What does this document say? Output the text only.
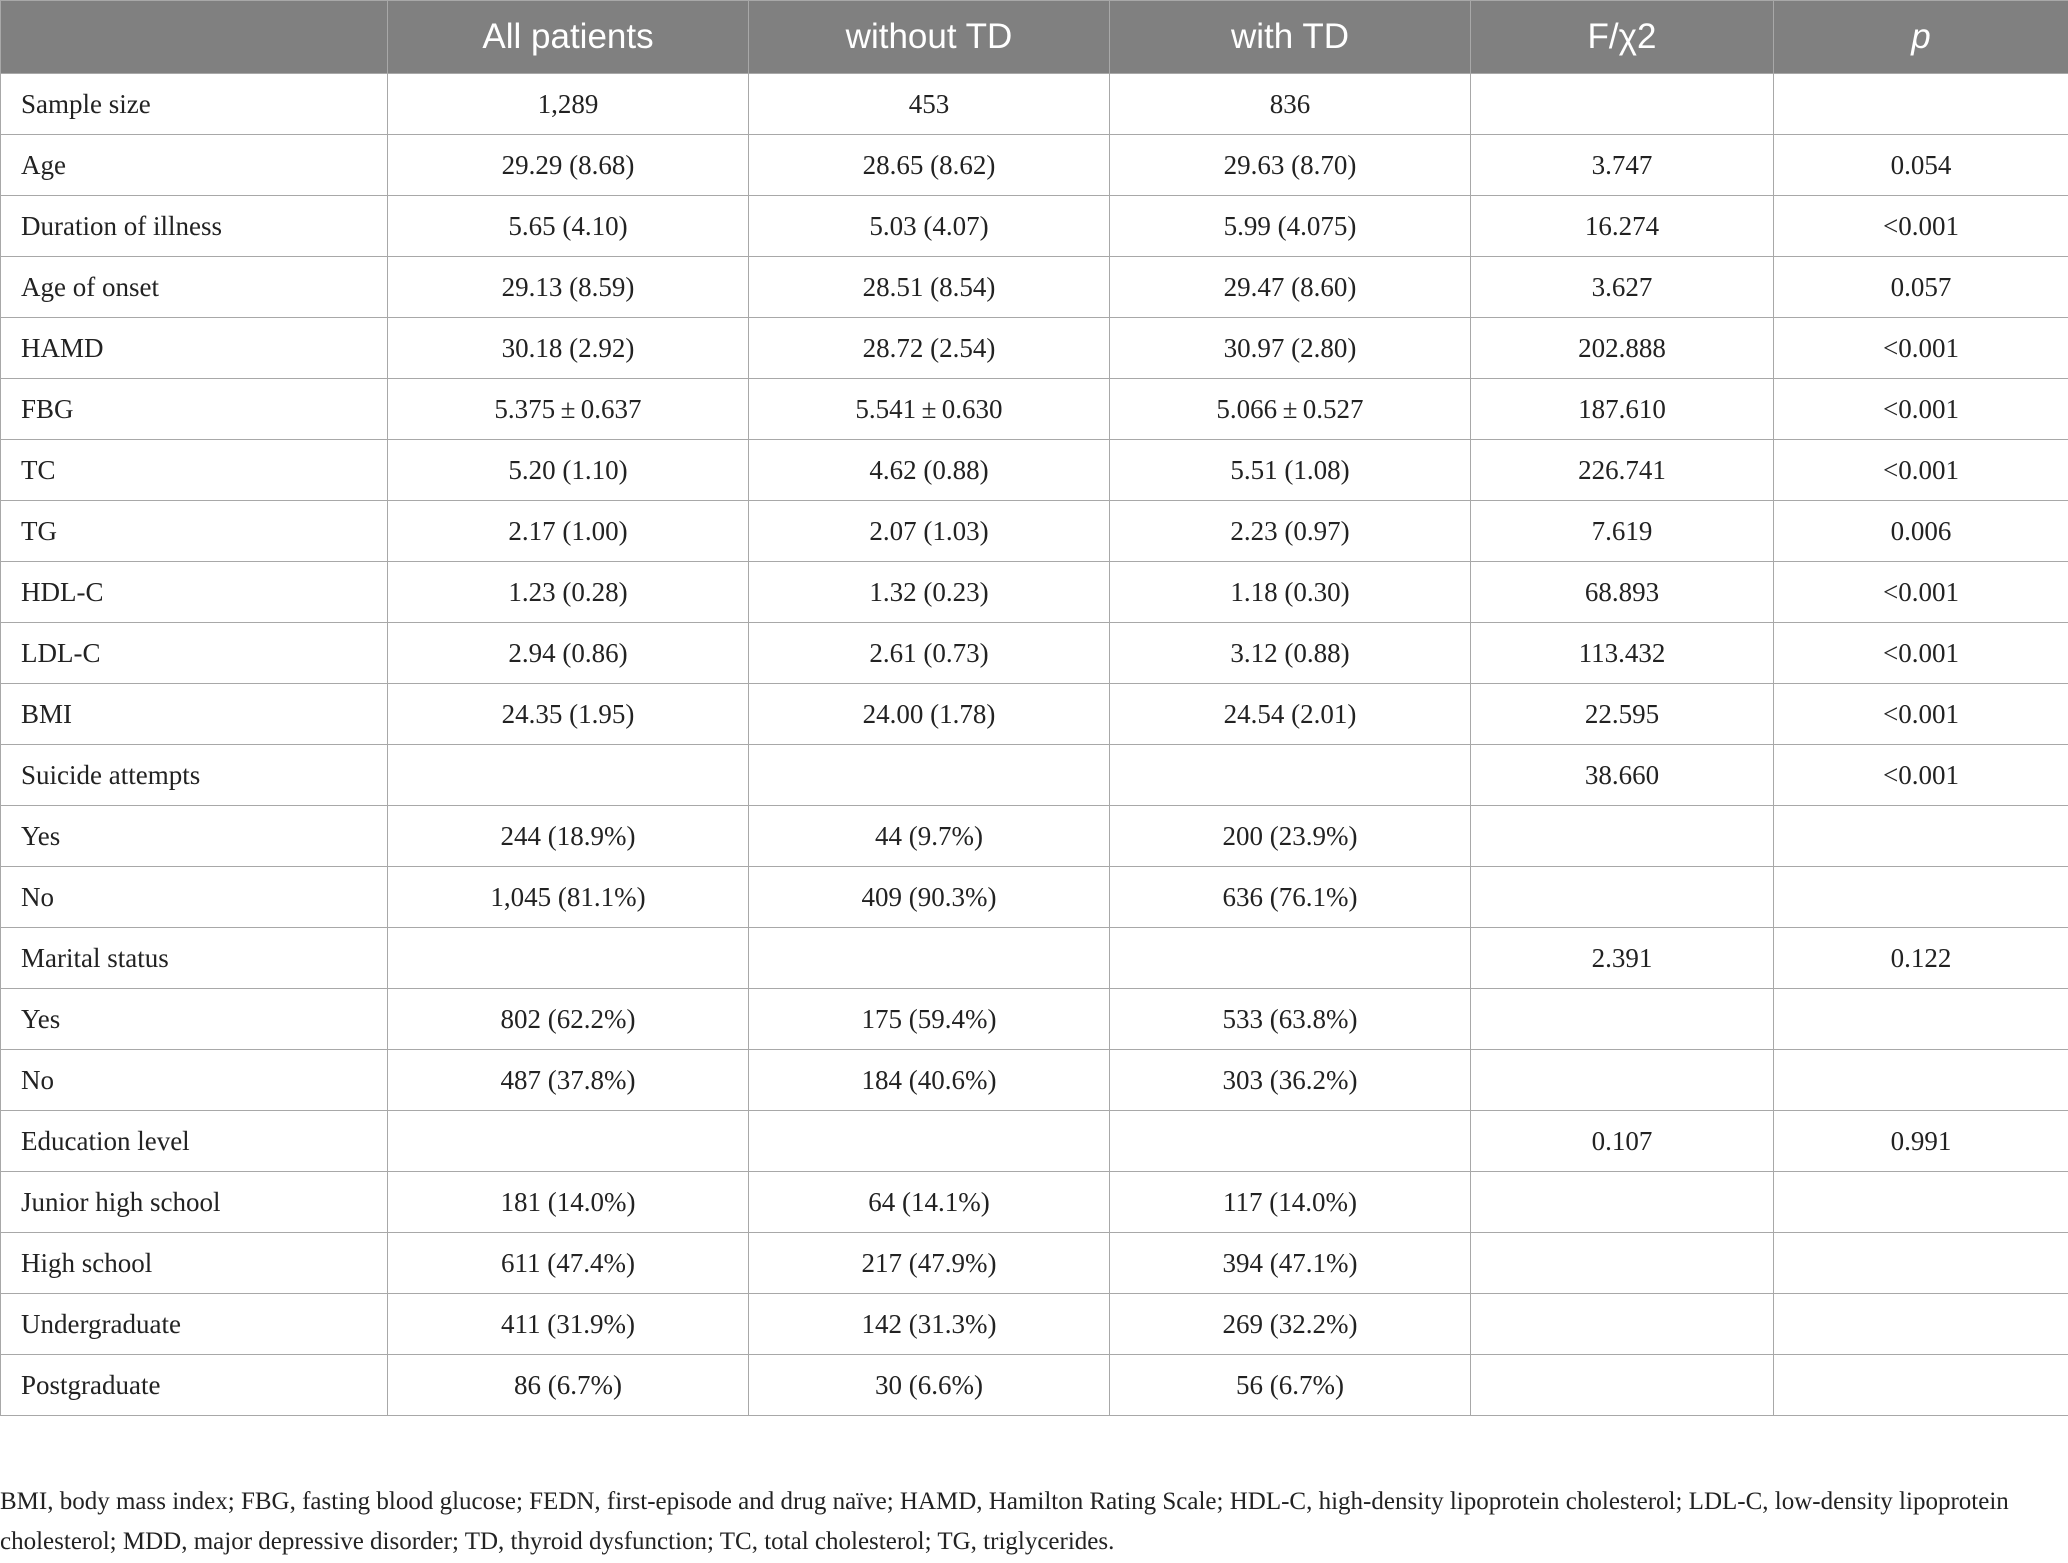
	All patients	without TD	with TD	F/χ2	p
Sample size	1,289	453	836		
Age	29.29 (8.68)	28.65 (8.62)	29.63 (8.70)	3.747	0.054
Duration of illness	5.65 (4.10)	5.03 (4.07)	5.99 (4.075)	16.274	<0.001
Age of onset	29.13 (8.59)	28.51 (8.54)	29.47 (8.60)	3.627	0.057
HAMD	30.18 (2.92)	28.72 (2.54)	30.97 (2.80)	202.888	<0.001
FBG	5.375 ± 0.637	5.541 ± 0.630	5.066 ± 0.527	187.610	<0.001
TC	5.20 (1.10)	4.62 (0.88)	5.51 (1.08)	226.741	<0.001
TG	2.17 (1.00)	2.07 (1.03)	2.23 (0.97)	7.619	0.006
HDL-C	1.23 (0.28)	1.32 (0.23)	1.18 (0.30)	68.893	<0.001
LDL-C	2.94 (0.86)	2.61 (0.73)	3.12 (0.88)	113.432	<0.001
BMI	24.35 (1.95)	24.00 (1.78)	24.54 (2.01)	22.595	<0.001
Suicide attempts				38.660	<0.001
Yes	244 (18.9%)	44 (9.7%)	200 (23.9%)		
No	1,045 (81.1%)	409 (90.3%)	636 (76.1%)		
Marital status				2.391	0.122
Yes	802 (62.2%)	175 (59.4%)	533 (63.8%)		
No	487 (37.8%)	184 (40.6%)	303 (36.2%)		
Education level				0.107	0.991
Junior high school	181 (14.0%)	64 (14.1%)	117 (14.0%)		
High school	611 (47.4%)	217 (47.9%)	394 (47.1%)		
Undergraduate	411 (31.9%)	142 (31.3%)	269 (32.2%)		
Postgraduate	86 (6.7%)	30 (6.6%)	56 (6.7%)		
BMI, body mass index; FBG, fasting blood glucose; FEDN, first-episode and drug naïve; HAMD, Hamilton Rating Scale; HDL-C, high-density lipoprotein cholesterol; LDL-C, low-density lipoprotein cholesterol; MDD, major depressive disorder; TD, thyroid dysfunction; TC, total cholesterol; TG, triglycerides.
